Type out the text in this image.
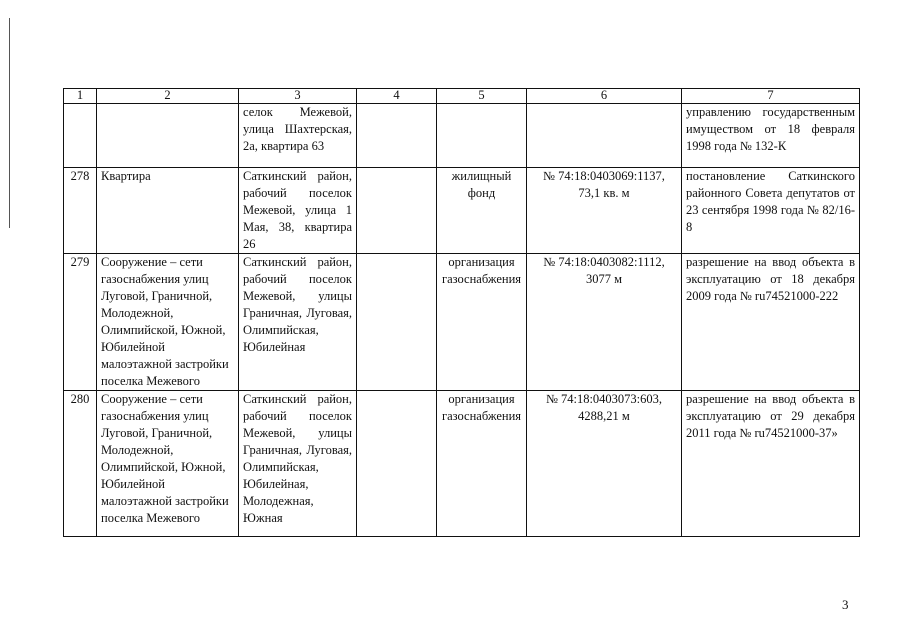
1	2	3	4	5	6	7
		селок Межевой, улица Шахтерская, 2а, квартира 63				управлению государственным имуществом от 18 февраля 1998 года № 132-К
278	Квартира	Саткинский район, рабочий поселок Межевой, улица 1 Мая, 38, квартира 26		жилищный фонд	№ 74:18:0403069:1137, 73,1 кв. м	постановление Саткинского районного Совета депутатов от 23 сентября 1998 года № 82/16-8
279	Сооружение – сети газоснабжения улиц Луговой, Граничной, Молодежной, Олимпийской, Южной, Юбилейной малоэтажной застройки поселка Межевого	Саткинский район, рабочий поселок Межевой, улицы Граничная, Луговая, Олимпийская, Юбилейная		организация газоснабжения	№ 74:18:0403082:1112, 3077 м	разрешение на ввод объекта в эксплуатацию от 18 декабря 2009 года № ru74521000-222
280	Сооружение – сети газоснабжения улиц Луговой, Граничной, Молодежной, Олимпийской, Южной, Юбилейной малоэтажной застройки поселка Межевого	Саткинский район, рабочий поселок Межевой, улицы Граничная, Луговая, Олимпийская, Юбилейная, Молодежная, Южная		организация газоснабжения	№ 74:18:0403073:603, 4288,21 м	разрешение на ввод объекта в эксплуатацию от 29 декабря 2011 года № ru74521000-37»
3
